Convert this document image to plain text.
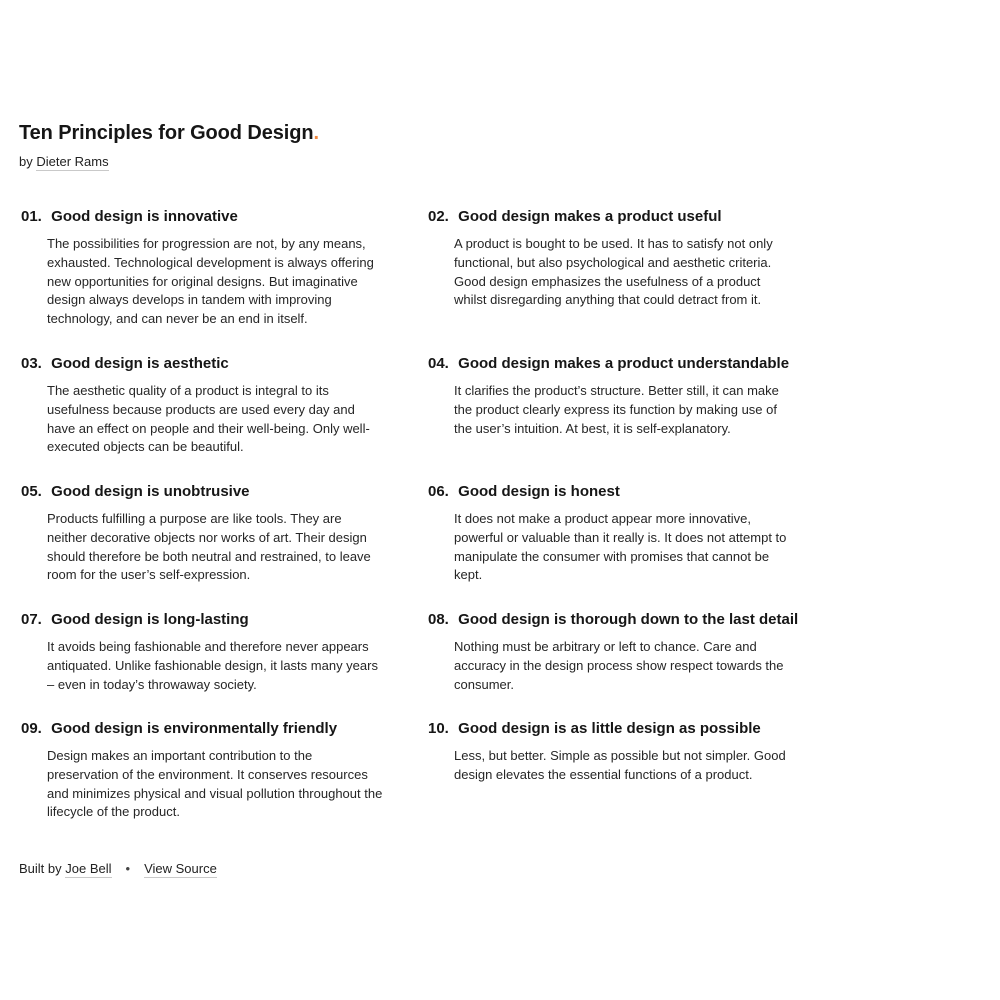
Ten Principles for Good Design.
by Dieter Rams
01. Good design is innovative

The possibilities for progression are not, by any means, exhausted. Technological development is always offering new opportunities for original designs. But imaginative design always develops in tandem with improving technology, and can never be an end in itself.

03. Good design is aesthetic

The aesthetic quality of a product is integral to its usefulness because products are used every day and have an effect on people and their well-being. Only well-executed objects can be beautiful.

05. Good design is unobtrusive

Products fulfilling a purpose are like tools. They are neither decorative objects nor works of art. Their design should therefore be both neutral and restrained, to leave room for the user’s self-expression.

07. Good design is long-lasting

It avoids being fashionable and therefore never appears antiquated. Unlike fashionable design, it lasts many years – even in today’s throwaway society.

09. Good design is environmentally friendly

Design makes an important contribution to the preservation of the environment. It conserves resources and minimizes physical and visual pollution throughout the lifecycle of the product.

02. Good design makes a product useful

A product is bought to be used. It has to satisfy not only functional, but also psychological and aesthetic criteria. Good design emphasizes the usefulness of a product whilst disregarding anything that could detract from it.

04. Good design makes a product understandable

It clarifies the product’s structure. Better still, it can make the product clearly express its function by making use of the user’s intuition. At best, it is self-explanatory.

06. Good design is honest

It does not make a product appear more innovative, powerful or valuable than it really is. It does not attempt to manipulate the consumer with promises that cannot be kept.

08. Good design is thorough down to the last detail

Nothing must be arbitrary or left to chance. Care and accuracy in the design process show respect towards the consumer.

10. Good design is as little design as possible

Less, but better. Simple as possible but not simpler. Good design elevates the essential functions of a product.

Built by Joe Bell • View Source
